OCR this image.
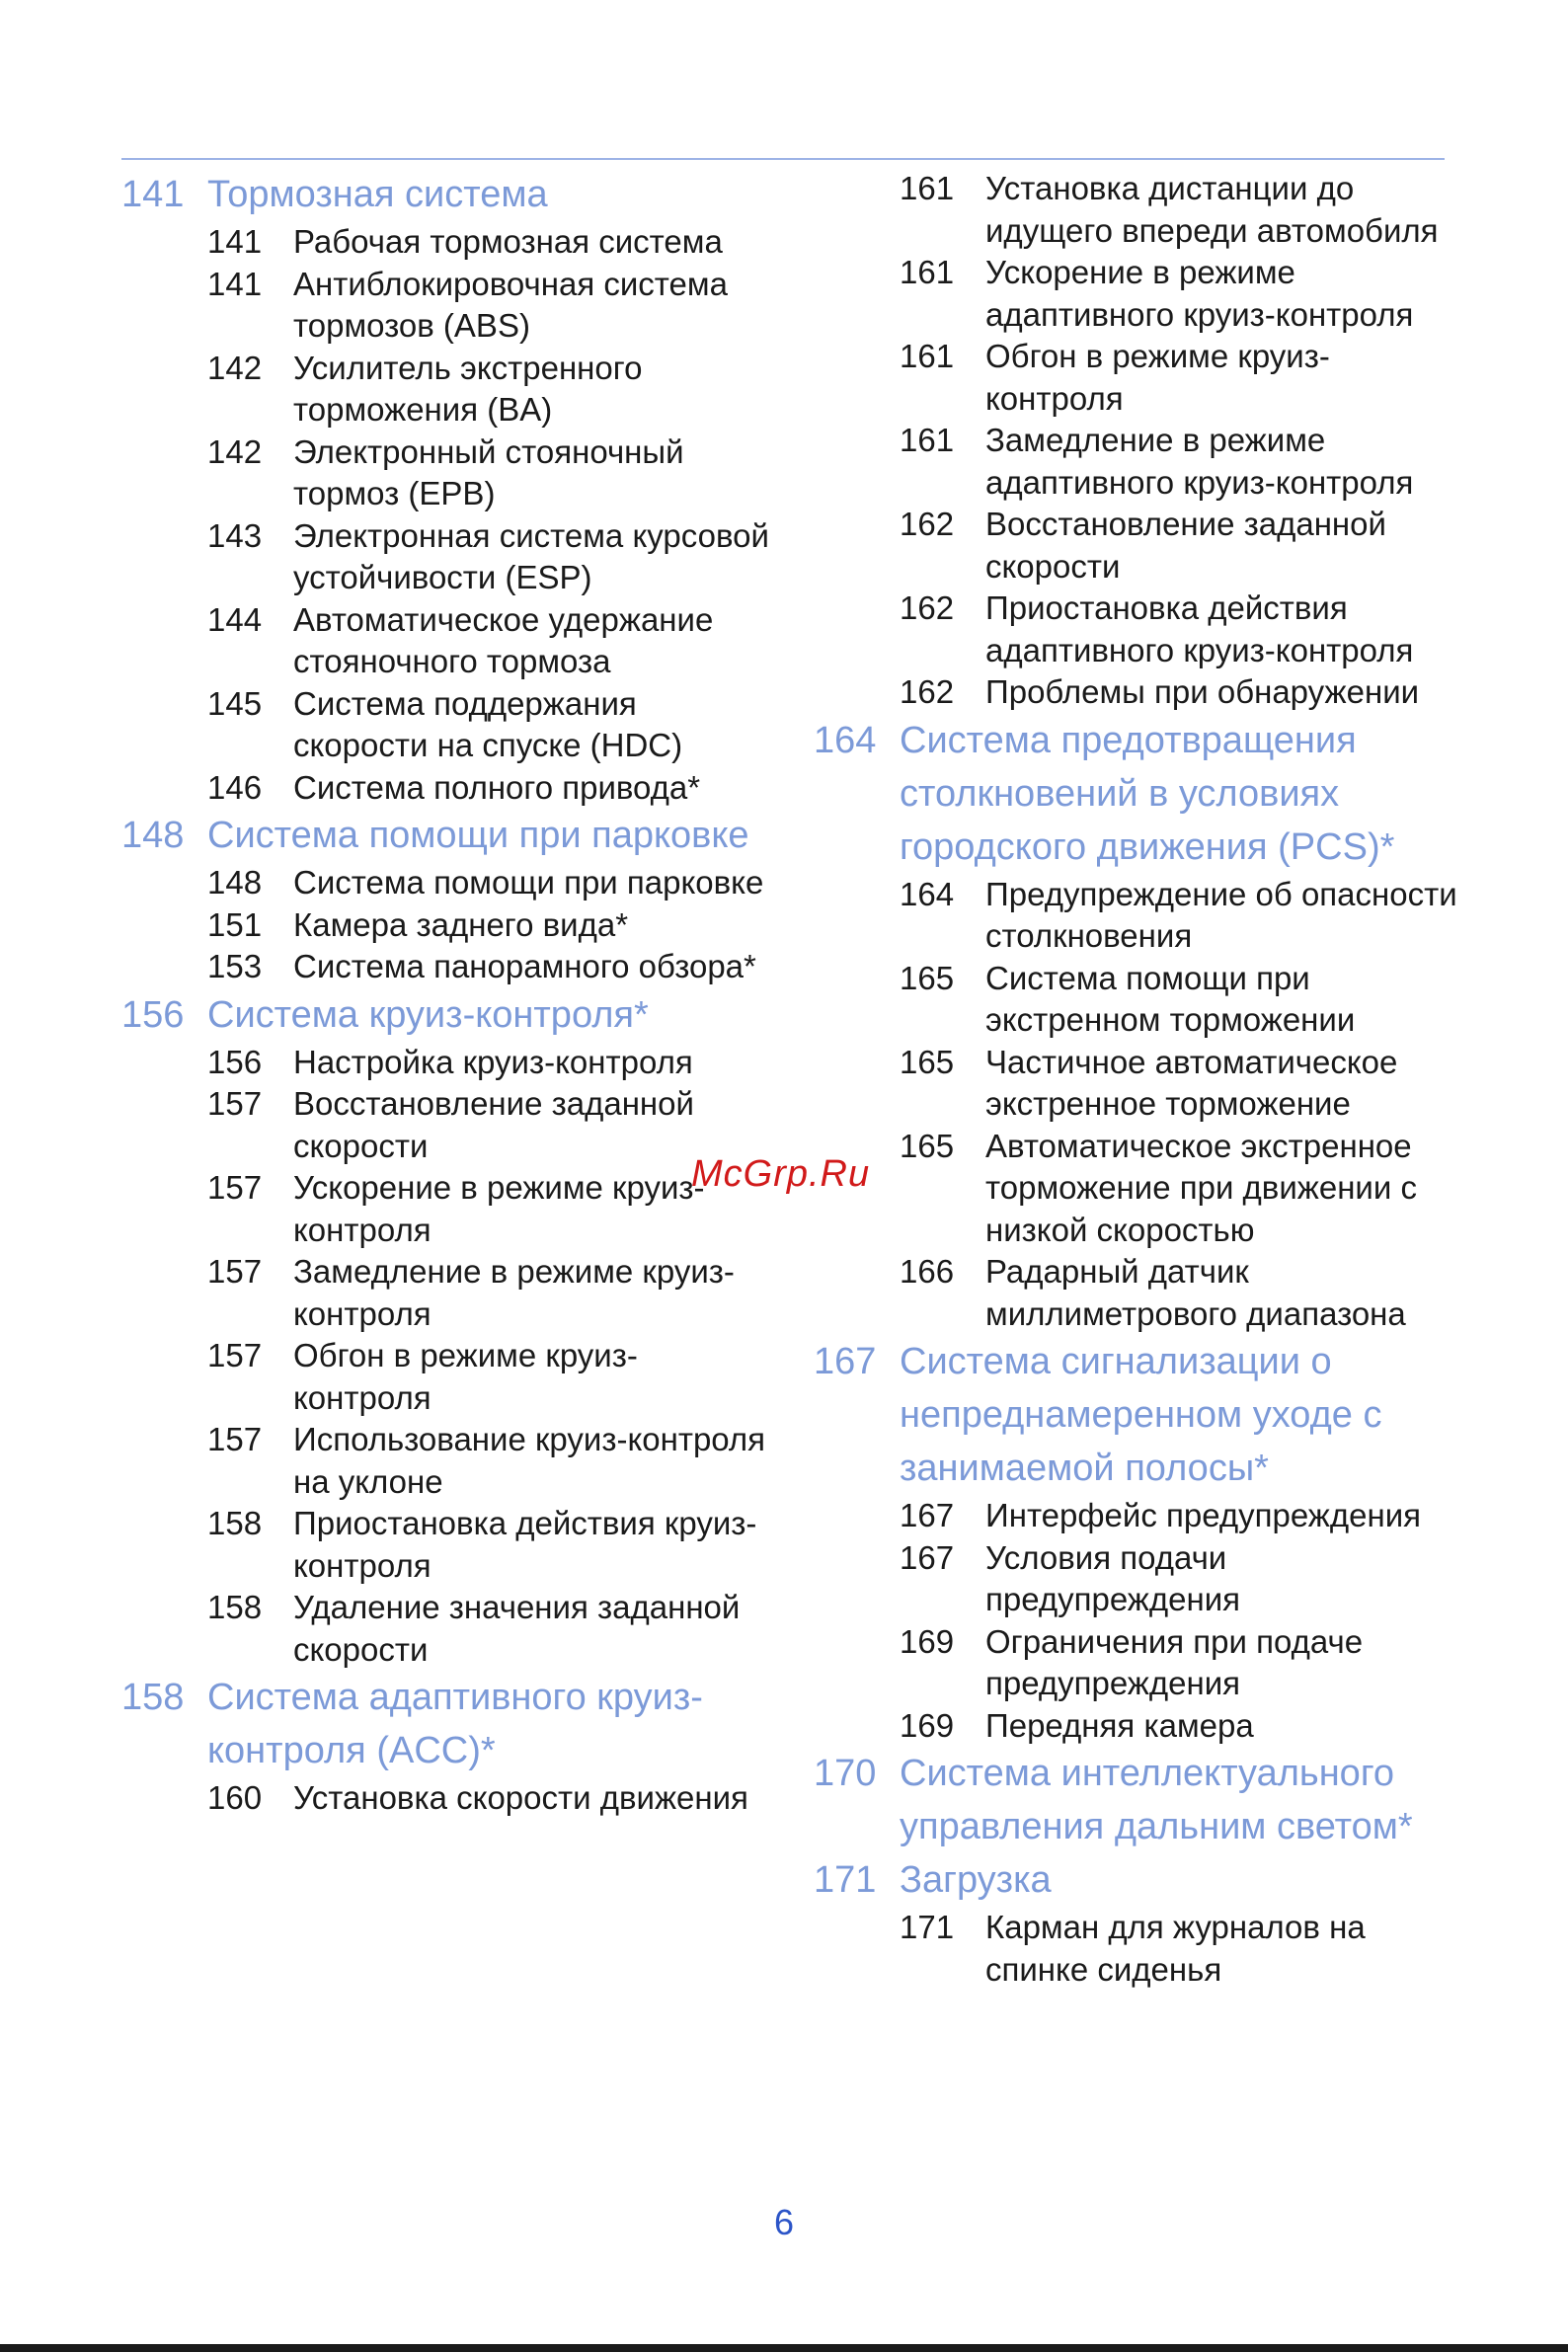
141 Тормозная система
141 Рабочая тормозная система
141 Антиблокировочная система тормозов (ABS)
142 Усилитель экстренного торможения (BA)
142 Электронный стояночный тормоз (EPB)
143 Электронная система курсовой устойчивости (ESP)
144 Автоматическое удержание стояночного тормоза
145 Система поддержания скорости на спуске (HDC)
146 Система полного привода*
148 Система помощи при парковке
148 Система помощи при парковке
151 Камера заднего вида*
153 Система панорамного обзора*
156 Система круиз-контроля*
156 Настройка круиз-контроля
157 Восстановление заданной скорости
157 Ускорение в режиме круиз-контроля
157 Замедление в режиме круиз-контроля
157 Обгон в режиме круиз-контроля
157 Использование круиз-контроля на уклоне
158 Приостановка действия круиз-контроля
158 Удаление значения заданной скорости
158 Система адаптивного круиз-контроля (ACC)*
160 Установка скорости движения
161 Установка дистанции до идущего впереди автомобиля
161 Ускорение в режиме адаптивного круиз-контроля
161 Обгон в режиме круиз-контроля
161 Замедление в режиме адаптивного круиз-контроля
162 Восстановление заданной скорости
162 Приостановка действия адаптивного круиз-контроля
162 Проблемы при обнаружении
164 Система предотвращения столкновений в условиях городского движения (PCS)*
164 Предупреждение об опасности столкновения
165 Система помощи при экстренном торможении
165 Частичное автоматическое экстренное торможение
165 Автоматическое экстренное торможение при движении с низкой скоростью
166 Радарный датчик миллиметрового диапазона
167 Система сигнализации о непреднамеренном уходе с занимаемой полосы*
167 Интерфейс предупреждения
167 Условия подачи предупреждения
169 Ограничения при подаче предупреждения
169 Передняя камера
170 Система интеллектуального управления дальним светом*
171 Загрузка
171 Карман для журналов на спинке сиденья
McGrp.Ru
6
